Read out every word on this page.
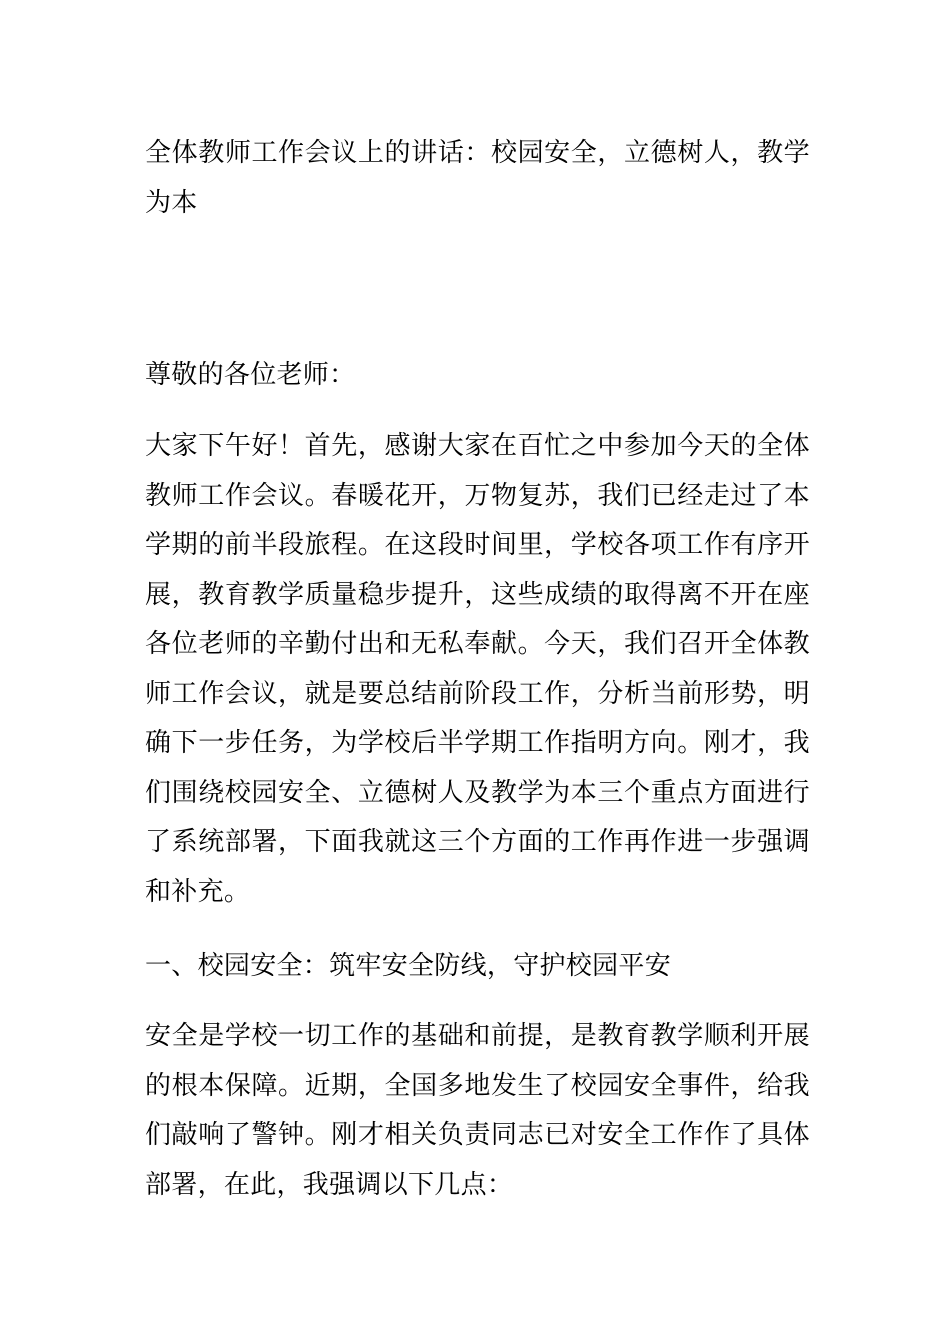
全体教师工作会议上的讲话：校园安全，立德树人，教学为本

尊敬的各位老师：

大家下午好！首先，感谢大家在百忙之中参加今天的全体教师工作会议。春暖花开，万物复苏，我们已经走过了本学期的前半段旅程。在这段时间里，学校各项工作有序开展，教育教学质量稳步提升，这些成绩的取得离不开在座各位老师的辛勤付出和无私奉献。今天，我们召开全体教师工作会议，就是要总结前阶段工作，分析当前形势，明确下一步任务，为学校后半学期工作指明方向。刚才，我们围绕校园安全、立德树人及教学为本三个重点方面进行了系统部署，下面我就这三个方面的工作再作进一步强调和补充。

一、校园安全：筑牢安全防线，守护校园平安

安全是学校一切工作的基础和前提，是教育教学顺利开展的根本保障。近期，全国多地发生了校园安全事件，给我们敲响了警钟。刚才相关负责同志已对安全工作作了具体部署，在此，我强调以下几点：
